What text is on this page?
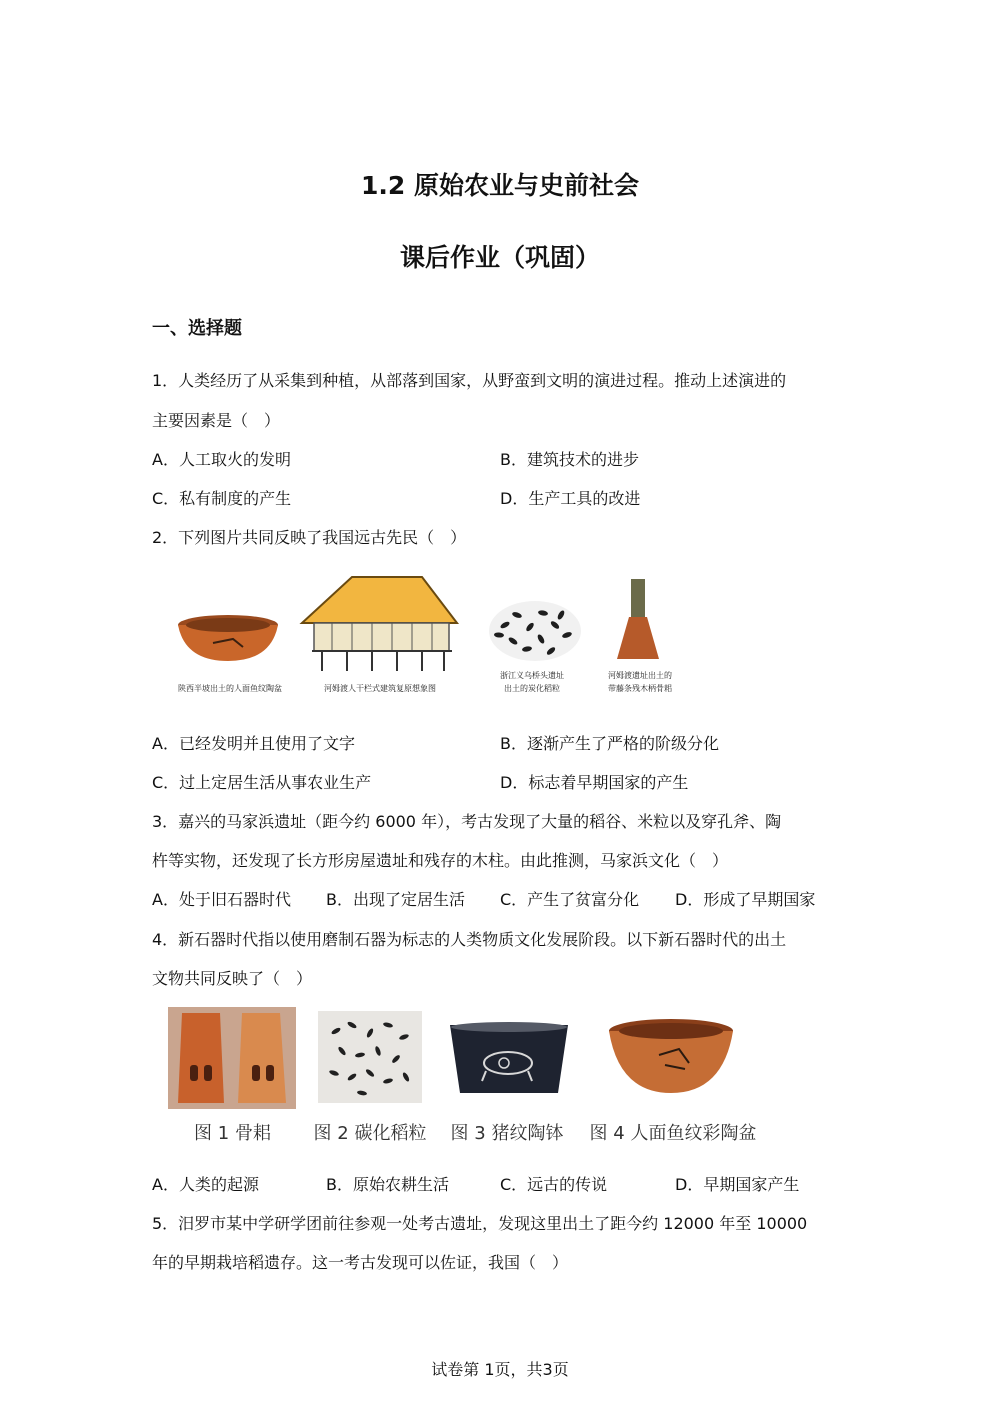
1.2 原始农业与史前社会
课后作业（巩固）
一、选择题
1．人类经历了从采集到种植，从部落到国家，从野蛮到文明的演进过程。推动上述演进的
主要因素是（　）
A．人工取火的发明	B．建筑技术的进步
C．私有制度的产生	D．生产工具的改进
2．下列图片共同反映了我国远古先民（　）
陕西半坡出土的人面鱼纹陶盆	河姆渡人干栏式建筑复原想象图
浙江义乌桥头遗址
出土的炭化稻粒
河姆渡遗址出土的
带藤条残木柄骨耜
A．已经发明并且使用了文字	B．逐渐产生了严格的阶级分化
C．过上定居生活从事农业生产	D．标志着早期国家的产生
3．嘉兴的马家浜遗址（距今约 6000 年），考古发现了大量的稻谷、米粒以及穿孔斧、陶
杵等实物，还发现了长方形房屋遗址和残存的木柱。由此推测，马家浜文化（　）
A．处于旧石器时代 B．出现了定居生活 C．产生了贫富分化 D．形成了早期国家
4．新石器时代指以使用磨制石器为标志的人类物质文化发展阶段。以下新石器时代的出土
文物共同反映了（　）
图 1 骨耜	图 2 碳化稻粒	图 3 猪纹陶钵	图 4 人面鱼纹彩陶盆
A．人类的起源	B．原始农耕生活	C．远古的传说	D．早期国家产生
5．汨罗市某中学研学团前往参观一处考古遗址，发现这里出土了距今约 12000 年至 10000
年的早期栽培稻遗存。这一考古发现可以佐证，我国（　）
试卷第 1页，共3页
